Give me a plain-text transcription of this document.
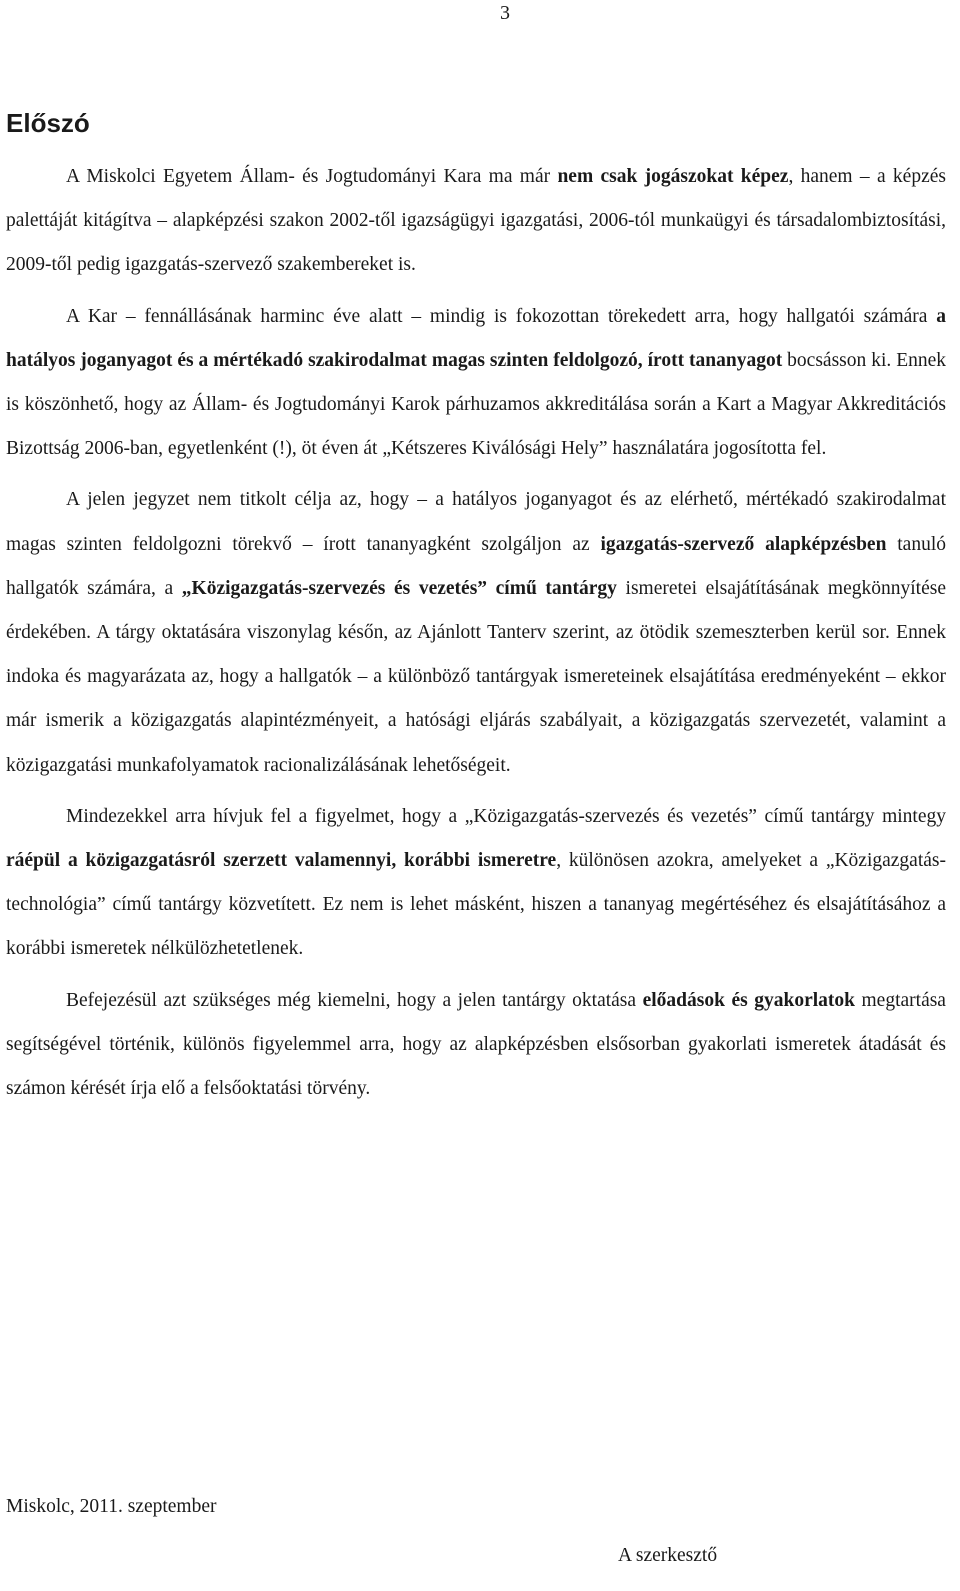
3
Előszó

A Miskolci Egyetem Állam- és Jogtudományi Kara ma már nem csak jogászokat képez, hanem – a képzés palettáját kitágítva – alapképzési szakon 2002-től igazságügyi igazgatási, 2006-tól munkaügyi és társadalombiztosítási, 2009-től pedig igazgatás-szervező szakembereket is.

A Kar – fennállásának harminc éve alatt – mindig is fokozottan törekedett arra, hogy hallgatói számára a hatályos joganyagot és a mértékadó szakirodalmat magas szinten feldolgozó, írott tananyagot bocsásson ki. Ennek is köszönhető, hogy az Állam- és Jogtudományi Karok párhuzamos akkreditálása során a Kart a Magyar Akkreditációs Bizottság 2006-ban, egyetlenként (!), öt éven át „Kétszeres Kiválósági Hely” használatára jogosította fel.

A jelen jegyzet nem titkolt célja az, hogy – a hatályos joganyagot és az elérhető, mértékadó szakirodalmat magas szinten feldolgozni törekvő – írott tananyagként szolgáljon az igazgatás-szervező alapképzésben tanuló hallgatók számára, a „Közigazgatás-szervezés és vezetés” című tantárgy ismeretei elsajátításának megkönnyítése érdekében. A tárgy oktatására viszonylag későn, az Ajánlott Tanterv szerint, az ötödik szemeszterben kerül sor. Ennek indoka és magyarázata az, hogy a hallgatók – a különböző tantárgyak ismereteinek elsajátítása eredményeként – ekkor már ismerik a közigazgatás alapintézményeit, a hatósági eljárás szabályait, a közigazgatás szervezetét, valamint a közigazgatási munkafolyamatok racionalizálásának lehetőségeit.

Mindezekkel arra hívjuk fel a figyelmet, hogy a „Közigazgatás-szervezés és vezetés” című tantárgy mintegy ráépül a közigazgatásról szerzett valamennyi, korábbi ismeretre, különösen azokra, amelyeket a „Közigazgatás-technológia” című tantárgy közvetített. Ez nem is lehet másként, hiszen a tananyag megértéséhez és elsajátításához a korábbi ismeretek nélkülözhetetlenek.

Befejezésül azt szükséges még kiemelni, hogy a jelen tantárgy oktatása előadások és gyakorlatok megtartása segítségével történik, különös figyelemmel arra, hogy az alapképzésben elsősorban gyakorlati ismeretek átadását és számon kérését írja elő a felsőoktatási törvény.

Miskolc, 2011. szeptember
A szerkesztő
